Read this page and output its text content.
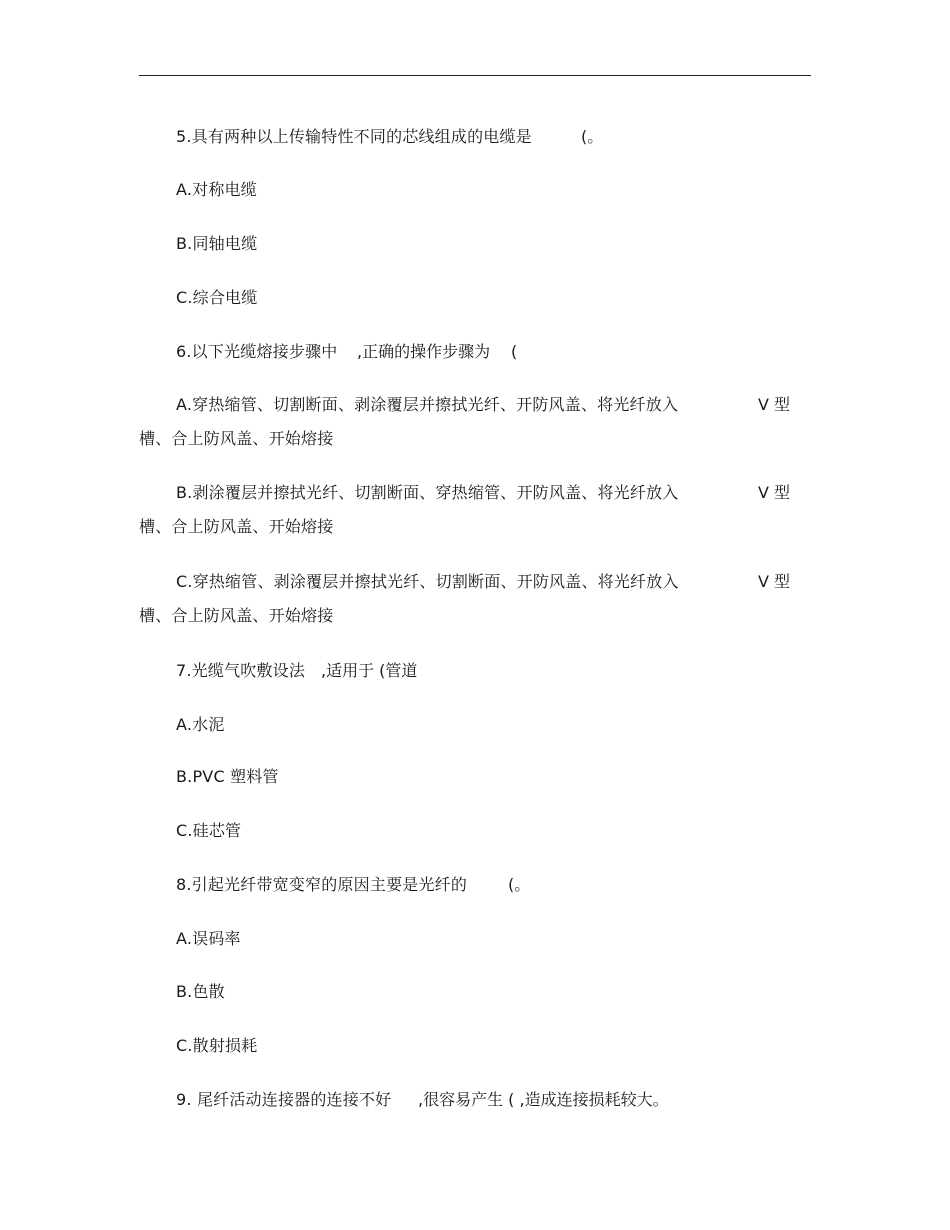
5.具有两种以上传输特性不同的芯线组成的电缆是	(。
A.对称电缆
B.同轴电缆
C.综合电缆
6.以下光缆熔接步骤中 ,正确的操作步骤为 (
A.穿热缩管、切割断面、剥涂覆层并擦拭光纤、开防风盖、将光纤放入	V 型
槽、合上防风盖、开始熔接
B.剥涂覆层并擦拭光纤、切割断面、穿热缩管、开防风盖、将光纤放入	V 型
槽、合上防风盖、开始熔接
C.穿热缩管、剥涂覆层并擦拭光纤、切割断面、开防风盖、将光纤放入	V 型
槽、合上防风盖、开始熔接
7.光缆气吹敷设法 ,适用于 (管道
A.水泥
B.PVC 塑料管
C.硅芯管
8.引起光纤带宽变窄的原因主要是光纤的	(。
A.误码率
B.色散
C.散射损耗
9. 尾纤活动连接器的连接不好 ,很容易产生 ( ,造成连接损耗较大。
